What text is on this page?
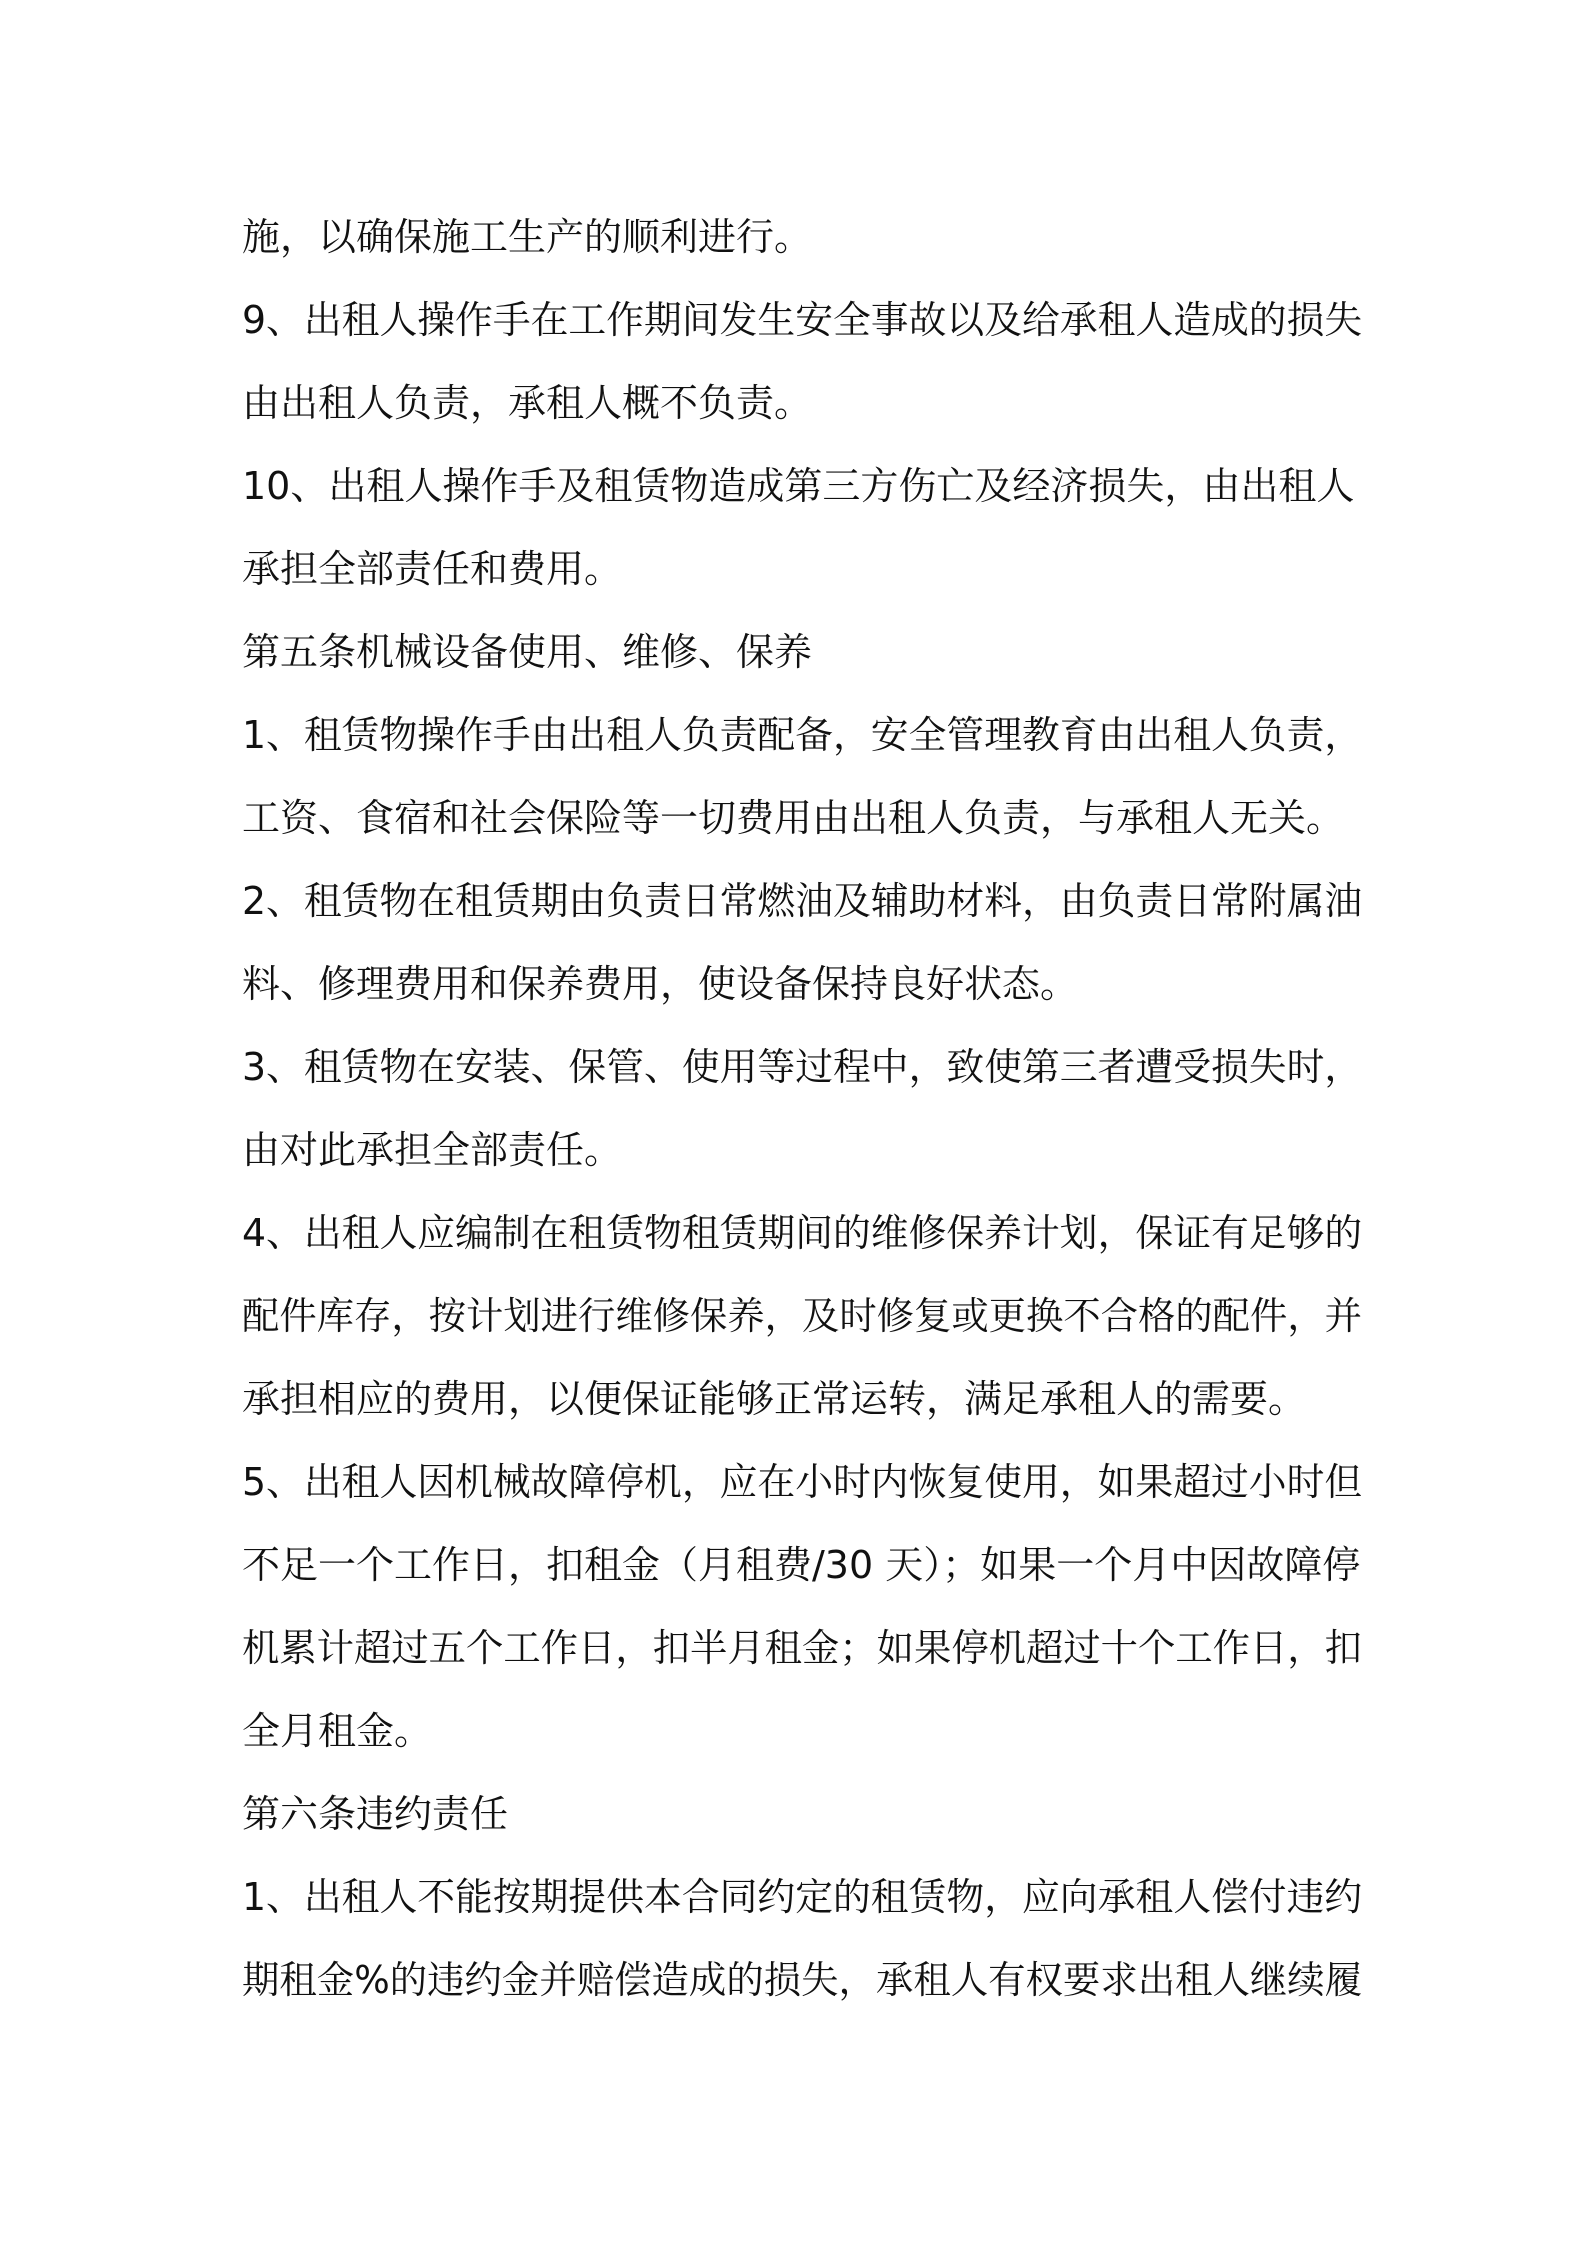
施，以确保施工生产的顺利进行。
9、出租人操作手在工作期间发生安全事故以及给承租人造成的损失
由出租人负责，承租人概不负责。
10、出租人操作手及租赁物造成第三方伤亡及经济损失，由出租人
承担全部责任和费用。
第五条机械设备使用、维修、保养
1、租赁物操作手由出租人负责配备，安全管理教育由出租人负责，
工资、食宿和社会保险等一切费用由出租人负责，与承租人无关。
2、租赁物在租赁期由负责日常燃油及辅助材料，由负责日常附属油
料、修理费用和保养费用，使设备保持良好状态。
3、租赁物在安装、保管、使用等过程中，致使第三者遭受损失时，
由对此承担全部责任。
4、出租人应编制在租赁物租赁期间的维修保养计划，保证有足够的
配件库存，按计划进行维修保养，及时修复或更换不合格的配件，并
承担相应的费用，以便保证能够正常运转，满足承租人的需要。
5、出租人因机械故障停机，应在小时内恢复使用，如果超过小时但
不足一个工作日，扣租金（月租费/30 天）；如果一个月中因故障停
机累计超过五个工作日，扣半月租金；如果停机超过十个工作日，扣
全月租金。
第六条违约责任
1、出租人不能按期提供本合同约定的租赁物，应向承租人偿付违约
期租金%的违约金并赔偿造成的损失，承租人有权要求出租人继续履
